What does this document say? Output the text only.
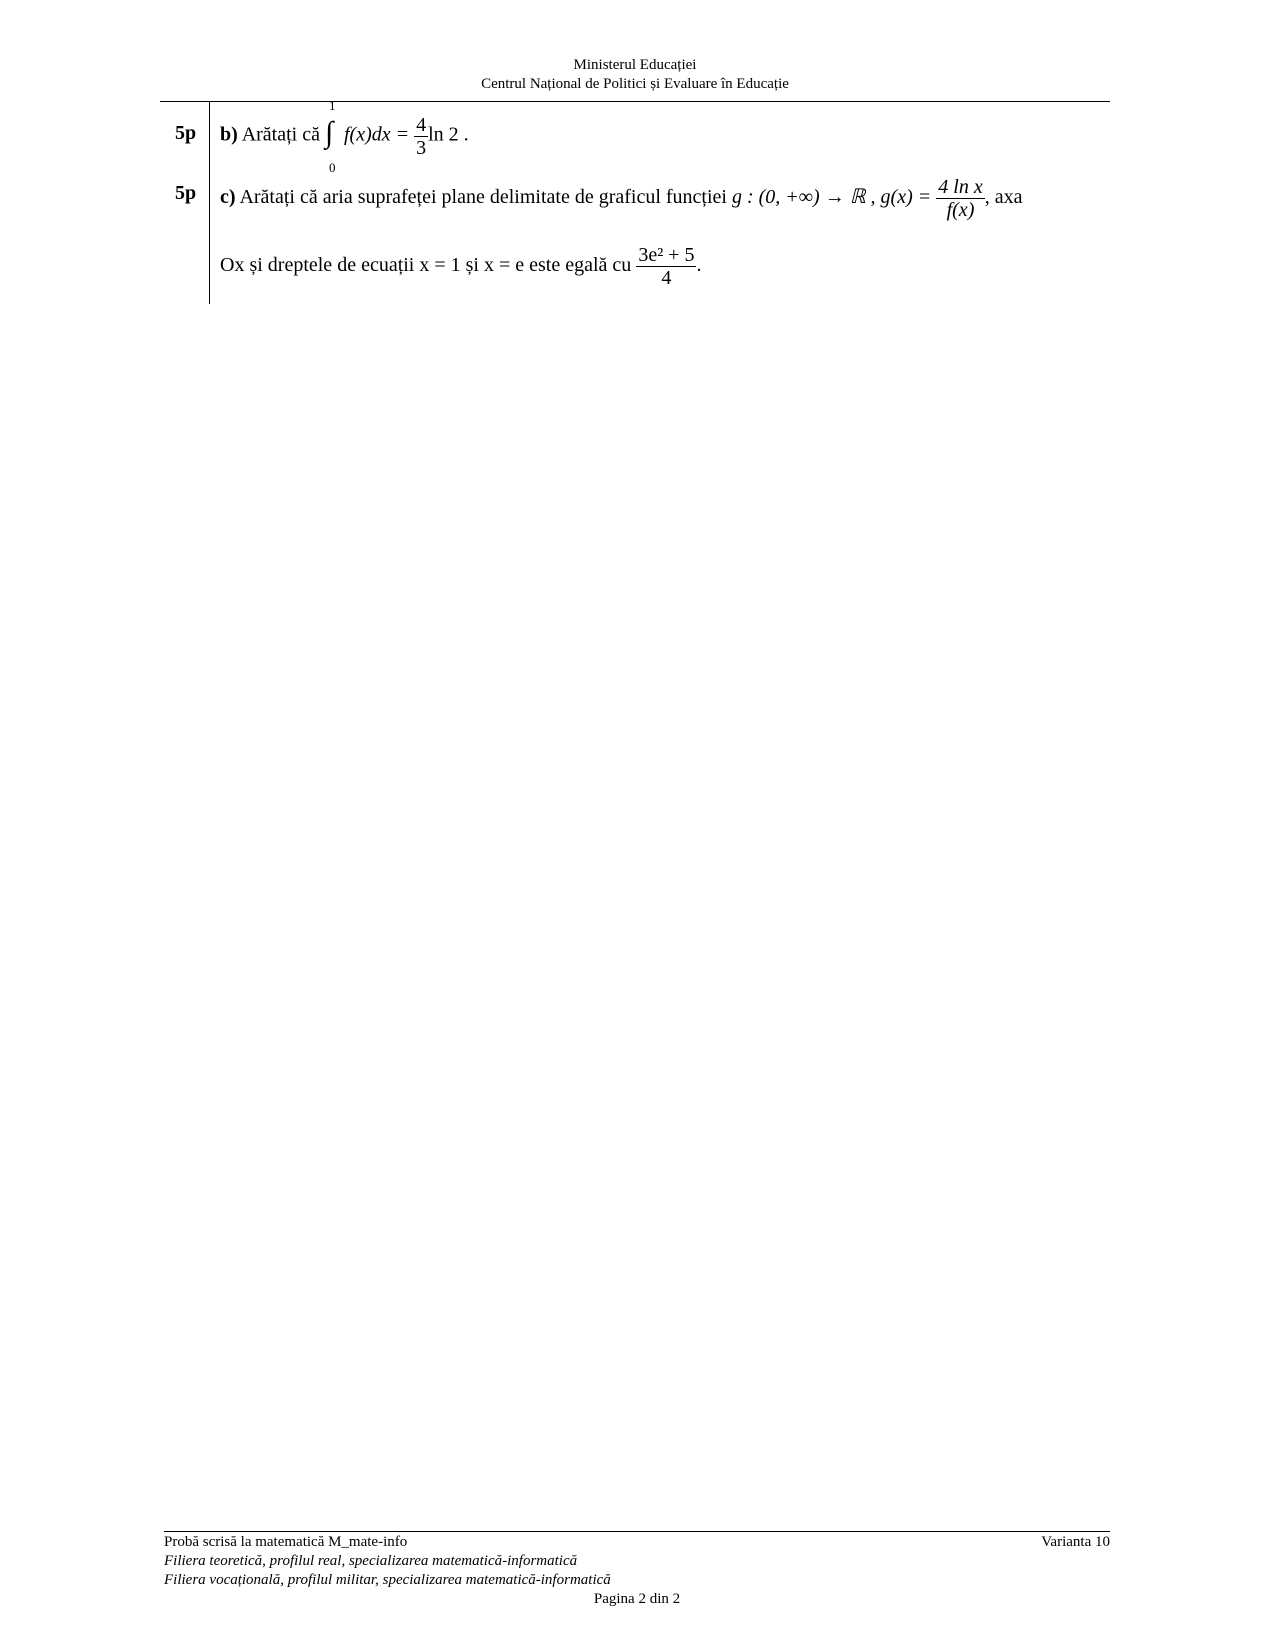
Ministerul Educației
Centrul Național de Politici și Evaluare în Educație
5p b) Arătați că
1
∫
0
$f(x)dx = \frac{4}{3}$ ln 2 .
5p c) Arătați că aria suprafeței plane delimitate de graficul funcției g : (0, +∞) → ℝ , $g(x) = \frac{\text{4 ln x}}{f(x)}$ , axa
Ox și dreptele de ecuații x = 1 și x = e este egală cu $\frac{\text{3e² + 5}}{4}$ .
Probă scrisă la matematică M_mate-info
Filiera teoretică, profilul real, specializarea matematică-informatică
Filiera vocațională, profilul militar, specializarea matematică-informatică
Pagina 2 din 2
Varianta 10
